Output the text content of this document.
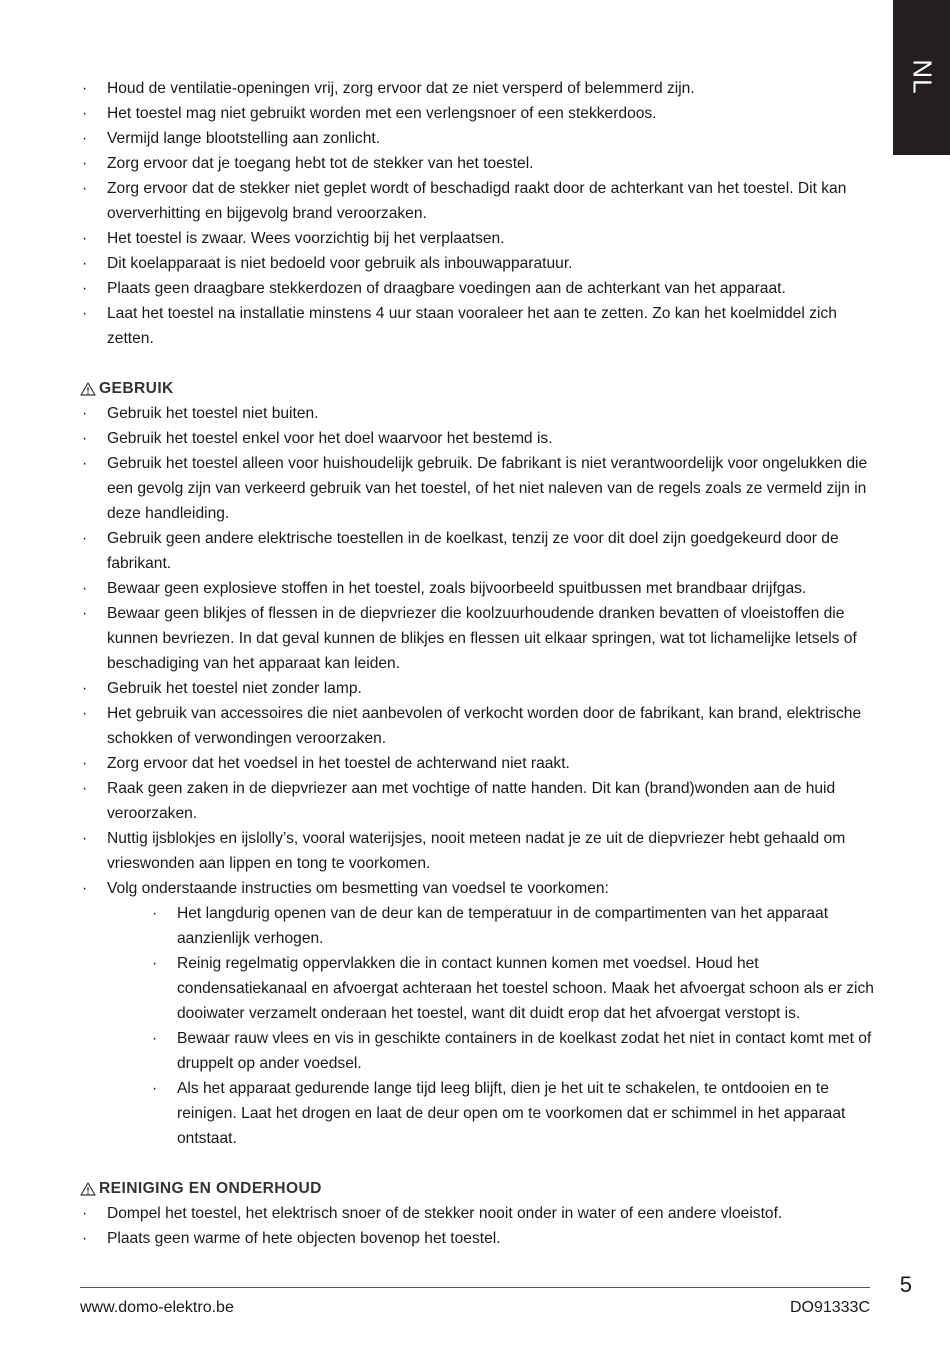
NL
· Houd de ventilatie-openingen vrij, zorg ervoor dat ze niet versperd of belemmerd zijn.
· Het toestel mag niet gebruikt worden met een verlengsnoer of een stekkerdoos.
· Vermijd lange blootstelling aan zonlicht.
· Zorg ervoor dat je toegang hebt tot de stekker van het toestel.
· Zorg ervoor dat de stekker niet geplet wordt of beschadigd raakt door de achterkant van het toestel. Dit kan oververhitting en bijgevolg brand veroorzaken.
· Het toestel is zwaar. Wees voorzichtig bij het verplaatsen.
· Dit koelapparaat is niet bedoeld voor gebruik als inbouwapparatuur.
· Plaats geen draagbare stekkerdozen of draagbare voedingen aan de achterkant van het apparaat.
· Laat het toestel na installatie minstens 4 uur staan vooraleer het aan te zetten. Zo kan het koelmiddel zich zetten.
GEBRUIK
· Gebruik het toestel niet buiten.
· Gebruik het toestel enkel voor het doel waarvoor het bestemd is.
· Gebruik het toestel alleen voor huishoudelijk gebruik. De fabrikant is niet verantwoordelijk voor ongelukken die een gevolg zijn van verkeerd gebruik van het toestel, of het niet naleven van de regels zoals ze vermeld zijn in deze handleiding.
· Gebruik geen andere elektrische toestellen in de koelkast, tenzij ze voor dit doel zijn goedgekeurd door de fabrikant.
· Bewaar geen explosieve stoffen in het toestel, zoals bijvoorbeeld spuitbussen met brandbaar drijfgas.
· Bewaar geen blikjes of flessen in de diepvriezer die koolzuurhoudende dranken bevatten of vloeistoffen die kunnen bevriezen. In dat geval kunnen de blikjes en flessen uit elkaar springen, wat tot lichamelijke letsels of beschadiging van het apparaat kan leiden.
· Gebruik het toestel niet zonder lamp.
· Het gebruik van accessoires die niet aanbevolen of verkocht worden door de fabrikant, kan brand, elektrische schokken of verwondingen veroorzaken.
· Zorg ervoor dat het voedsel in het toestel de achterwand niet raakt.
· Raak geen zaken in de diepvriezer aan met vochtige of natte handen. Dit kan (brand)wonden aan de huid veroorzaken.
· Nuttig ijsblokjes en ijslolly’s, vooral waterijsjes, nooit meteen nadat je ze uit de diepvriezer hebt gehaald om vrieswonden aan lippen en tong te voorkomen.
· Volg onderstaande instructies om besmetting van voedsel te voorkomen:
· Het langdurig openen van de deur kan de temperatuur in de compartimenten van het apparaat aanzienlijk verhogen.
· Reinig regelmatig oppervlakken die in contact kunnen komen met voedsel. Houd het condensatiekanaal en afvoergat achteraan het toestel schoon. Maak het afvoergat schoon als er zich dooiwater verzamelt onderaan het toestel, want dit duidt erop dat het afvoergat verstopt is.
· Bewaar rauw vlees en vis in geschikte containers in de koelkast zodat het niet in contact komt met of druppelt op ander voedsel.
· Als het apparaat gedurende lange tijd leeg blijft, dien je het uit te schakelen, te ontdooien en te reinigen. Laat het drogen en laat de deur open om te voorkomen dat er schimmel in het apparaat ontstaat.
REINIGING EN ONDERHOUD
· Dompel het toestel, het elektrisch snoer of de stekker nooit onder in water of een andere vloeistof.
· Plaats geen warme of hete objecten bovenop het toestel.
5
www.domo-elektro.be	DO91333C
